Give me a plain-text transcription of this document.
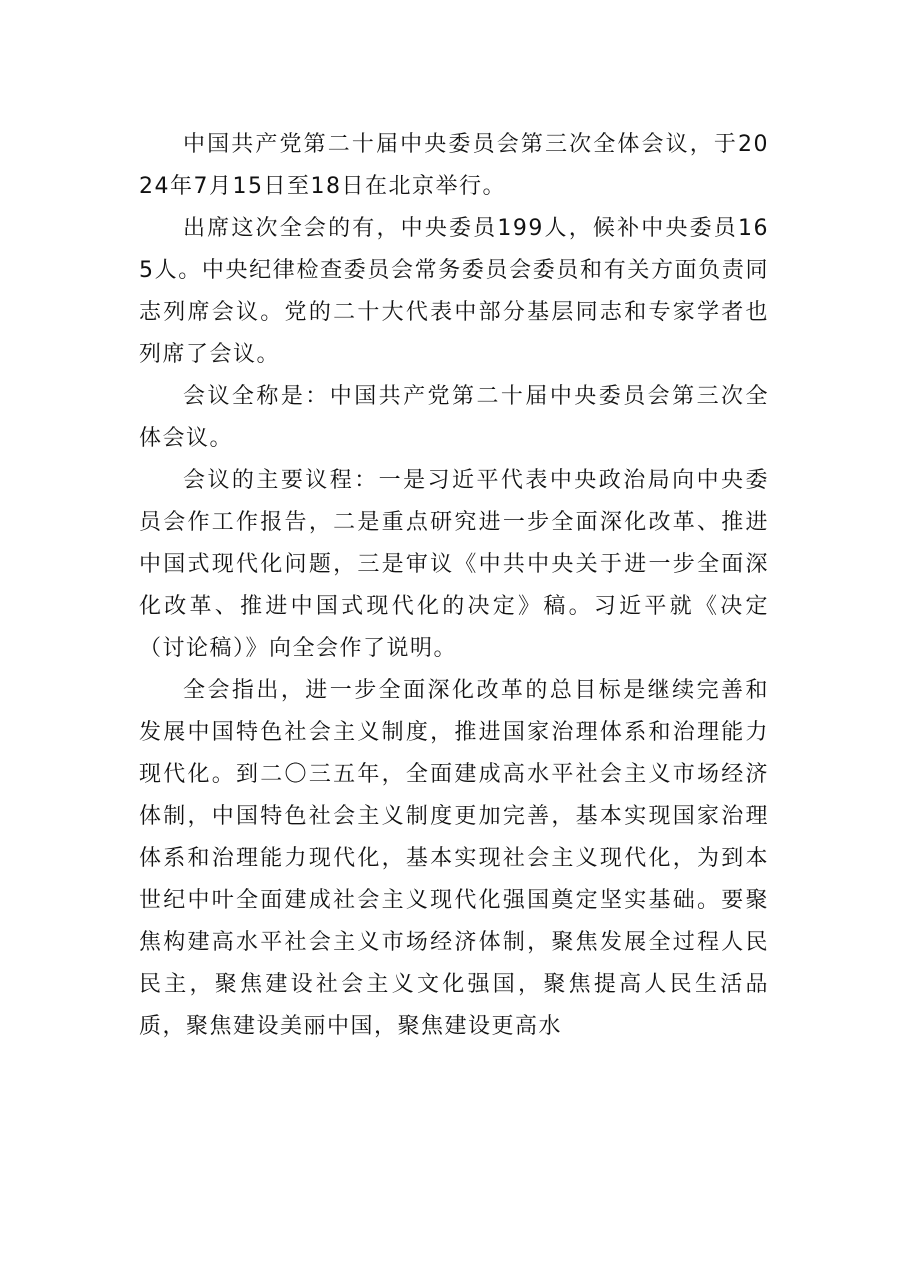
中国共产党第二十届中央委员会第三次全体会议，于2024年7月15日至18日在北京举行。

出席这次全会的有，中央委员199人，候补中央委员165人。中央纪律检查委员会常务委员会委员和有关方面负责同志列席会议。党的二十大代表中部分基层同志和专家学者也列席了会议。

会议全称是：中国共产党第二十届中央委员会第三次全体会议。

会议的主要议程：一是习近平代表中央政治局向中央委员会作工作报告，二是重点研究进一步全面深化改革、推进中国式现代化问题，三是审议《中共中央关于进一步全面深化改革、推进中国式现代化的决定》稿。习近平就《决定（讨论稿）》向全会作了说明。

全会指出，进一步全面深化改革的总目标是继续完善和发展中国特色社会主义制度，推进国家治理体系和治理能力现代化。到二〇三五年，全面建成高水平社会主义市场经济体制，中国特色社会主义制度更加完善，基本实现国家治理体系和治理能力现代化，基本实现社会主义现代化，为到本世纪中叶全面建成社会主义现代化强国奠定坚实基础。要聚焦构建高水平社会主义市场经济体制，聚焦发展全过程人民民主，聚焦建设社会主义文化强国，聚焦提高人民生活品质，聚焦建设美丽中国，聚焦建设更高水
